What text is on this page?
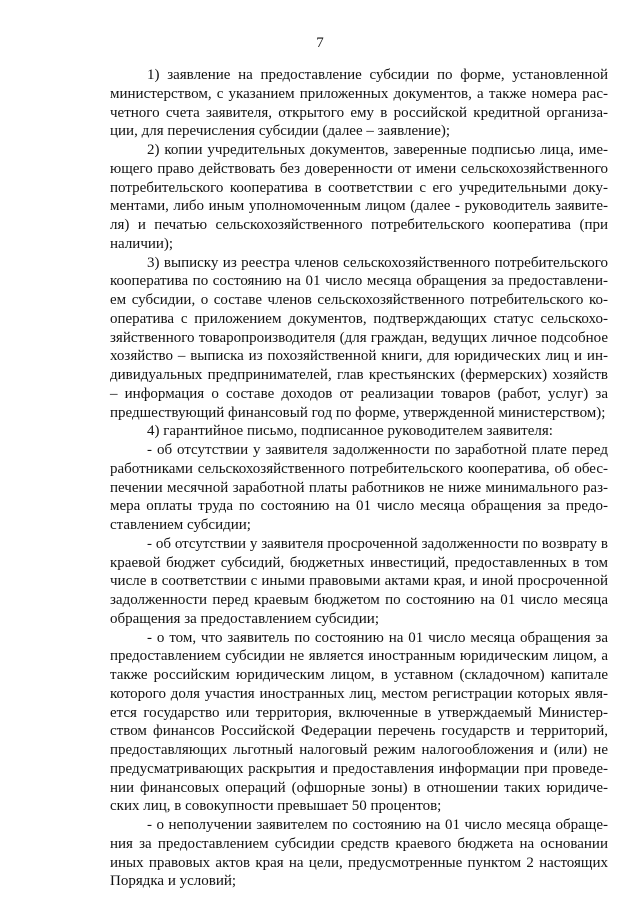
7

1) заявление на предоставление субсидии по форме, установленной министерством, с указанием приложенных документов, а также номера расчетного счета заявителя, открытого ему в российской кредитной организации, для перечисления субсидии (далее – заявление);

2) копии учредительных документов, заверенные подписью лица, имеющего право действовать без доверенности от имени сельскохозяйственного потребительского кооператива в соответствии с его учредительными документами, либо иным уполномоченным лицом (далее - руководитель заявителя) и печатью сельскохозяйственного потребительского кооператива (при наличии);

3) выписку из реестра членов сельскохозяйственного потребительского кооператива по состоянию на 01 число месяца обращения за предоставлением субсидии, о составе членов сельскохозяйственного потребительского кооператива с приложением документов, подтверждающих статус сельскохозяйственного товаропроизводителя (для граждан, ведущих личное подсобное хозяйство – выписка из похозяйственной книги, для юридических лиц и индивидуальных предпринимателей, глав крестьянских (фермерских) хозяйств – информация о составе доходов от реализации товаров (работ, услуг) за предшествующий финансовый год по форме, утвержденной министерством);

4) гарантийное письмо, подписанное руководителем заявителя:

- об отсутствии у заявителя задолженности по заработной плате перед работниками сельскохозяйственного потребительского кооператива, об обеспечении месячной заработной платы работников не ниже минимального размера оплаты труда по состоянию на 01 число месяца обращения за предоставлением субсидии;

- об отсутствии у заявителя просроченной задолженности по возврату в краевой бюджет субсидий, бюджетных инвестиций, предоставленных в том числе в соответствии с иными правовыми актами края, и иной просроченной задолженности перед краевым бюджетом по состоянию на 01 число месяца обращения за предоставлением субсидии;

- о том, что заявитель по состоянию на 01 число месяца обращения за предоставлением субсидии не является иностранным юридическим лицом, а также российским юридическим лицом, в уставном (складочном) капитале которого доля участия иностранных лиц, местом регистрации которых является государство или территория, включенные в утверждаемый Министерством финансов Российской Федерации перечень государств и территорий, предоставляющих льготный налоговый режим налогообложения и (или) не предусматривающих раскрытия и предоставления информации при проведении финансовых операций (офшорные зоны) в отношении таких юридических лиц, в совокупности превышает 50 процентов;

- о неполучении заявителем по состоянию на 01 число месяца обращения за предоставлением субсидии средств краевого бюджета на основании иных правовых актов края на цели, предусмотренные пунктом 2 настоящих Порядка и условий;
